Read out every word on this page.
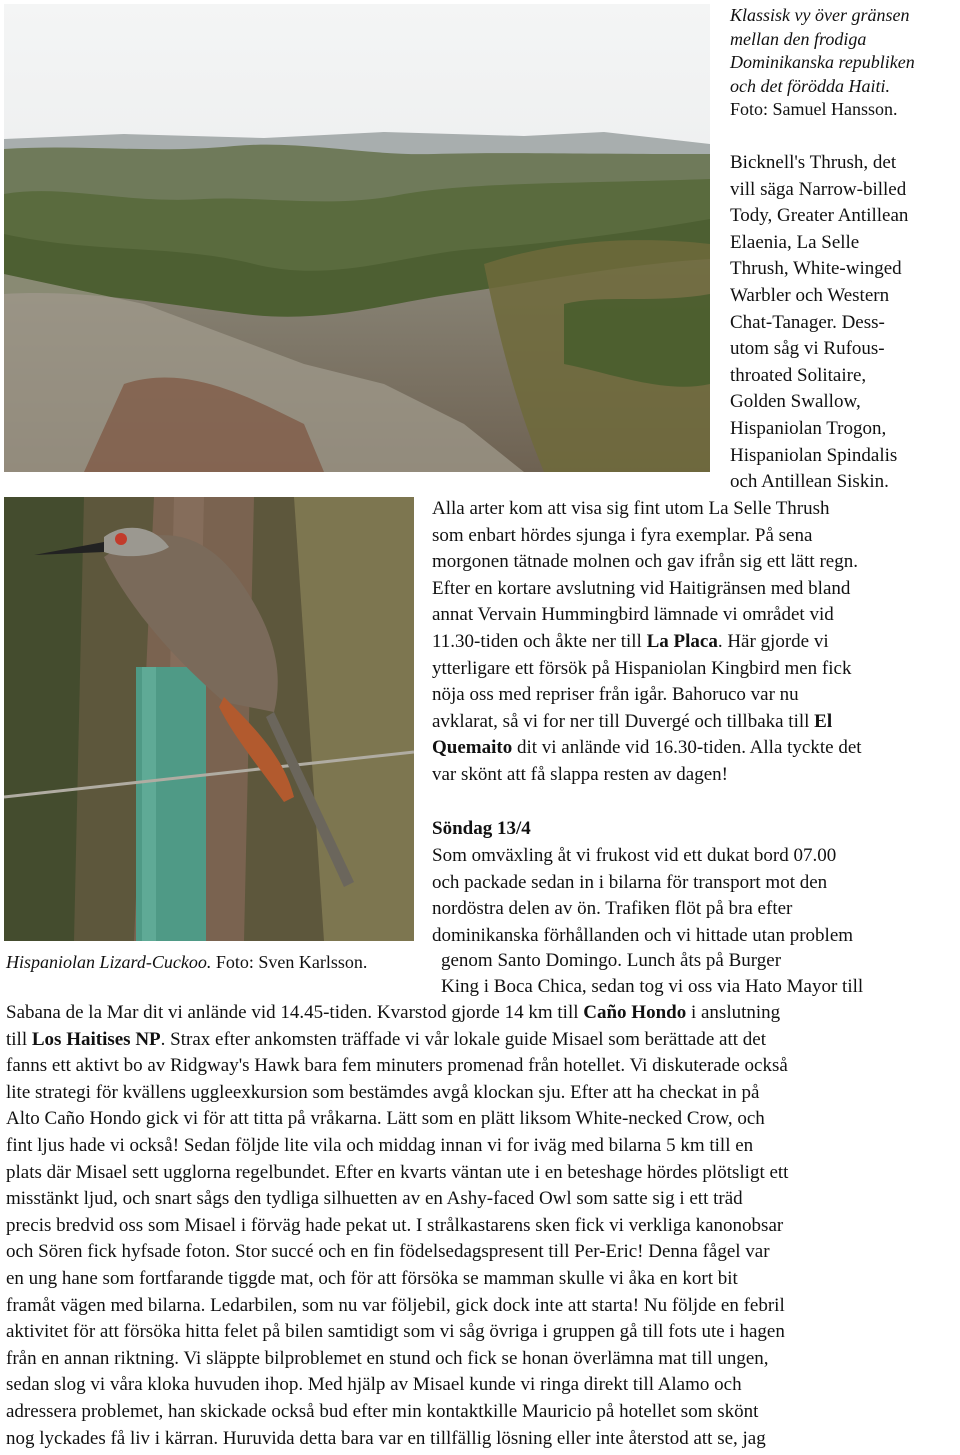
Klassisk vy över gränsen
mellan den frodiga
Dominikanska republiken
och det förödda Haiti.
Foto: Samuel Hansson.
Bicknell's Thrush, det
vill säga Narrow-billed
Tody, Greater Antillean
Elaenia, La Selle
Thrush, White-winged
Warbler och Western
Chat-Tanager. Dess-
utom såg vi Rufous-
throated Solitaire,
Golden Swallow,
Hispaniolan Trogon,
Hispaniolan Spindalis
och Antillean Siskin.
Alla arter kom att visa sig fint utom La Selle Thrush
som enbart hördes sjunga i fyra exemplar. På sena
morgonen tätnade molnen och gav ifrån sig ett lätt regn.
Efter en kortare avslutning vid Haitigränsen med bland
annat Vervain Hummingbird lämnade vi området vid
11.30-tiden och åkte ner till La Placa. Här gjorde vi
ytterligare ett försök på Hispaniolan Kingbird men fick
nöja oss med repriser från igår. Bahoruco var nu
avklarat, så vi for ner till Duvergé och tillbaka till El
Quemaito dit vi anlände vid 16.30-tiden. Alla tyckte det
var skönt att få slappa resten av dagen!
Söndag 13/4
Som omväxling åt vi frukost vid ett dukat bord 07.00
och packade sedan in i bilarna för transport mot den
nordöstra delen av ön. Trafiken flöt på bra efter
dominikanska förhållanden och vi hittade utan problem
Hispaniolan Lizard-Cuckoo. Foto: Sven Karlsson.	genom Santo Domingo. Lunch åts på Burger
King i Boca Chica, sedan tog vi oss via Hato Mayor till
Sabana de la Mar dit vi anlände vid 14.45-tiden. Kvarstod gjorde 14 km till Caño Hondo i anslutning
till Los Haitises NP. Strax efter ankomsten träffade vi vår lokale guide Misael som berättade att det
fanns ett aktivt bo av Ridgway's Hawk bara fem minuters promenad från hotellet. Vi diskuterade också
lite strategi för kvällens uggleexkursion som bestämdes avgå klockan sju. Efter att ha checkat in på
Alto Caño Hondo gick vi för att titta på vråkarna. Lätt som en plätt liksom White-necked Crow, och
fint ljus hade vi också! Sedan följde lite vila och middag innan vi for iväg med bilarna 5 km till en
plats där Misael sett ugglorna regelbundet. Efter en kvarts väntan ute i en beteshage hördes plötsligt ett
misstänkt ljud, och snart sågs den tydliga silhuetten av en Ashy-faced Owl som satte sig i ett träd
precis bredvid oss som Misael i förväg hade pekat ut. I strålkastarens sken fick vi verkliga kanonobsar
och Sören fick hyfsade foton. Stor succé och en fin födelsedagspresent till Per-Eric! Denna fågel var
en ung hane som fortfarande tiggde mat, och för att försöka se mamman skulle vi åka en kort bit
framåt vägen med bilarna. Ledarbilen, som nu var följebil, gick dock inte att starta! Nu följde en febril
aktivitet för att försöka hitta felet på bilen samtidigt som vi såg övriga i gruppen gå till fots ute i hagen
från en annan riktning. Vi släppte bilproblemet en stund och fick se honan överlämna mat till ungen,
sedan slog vi våra kloka huvuden ihop. Med hjälp av Misael kunde vi ringa direkt till Alamo och
adressera problemet, han skickade också bud efter min kontaktkille Mauricio på hotellet som skönt
nog lyckades få liv i kärran. Huruvida detta bara var en tillfällig lösning eller inte återstod att se, jag
